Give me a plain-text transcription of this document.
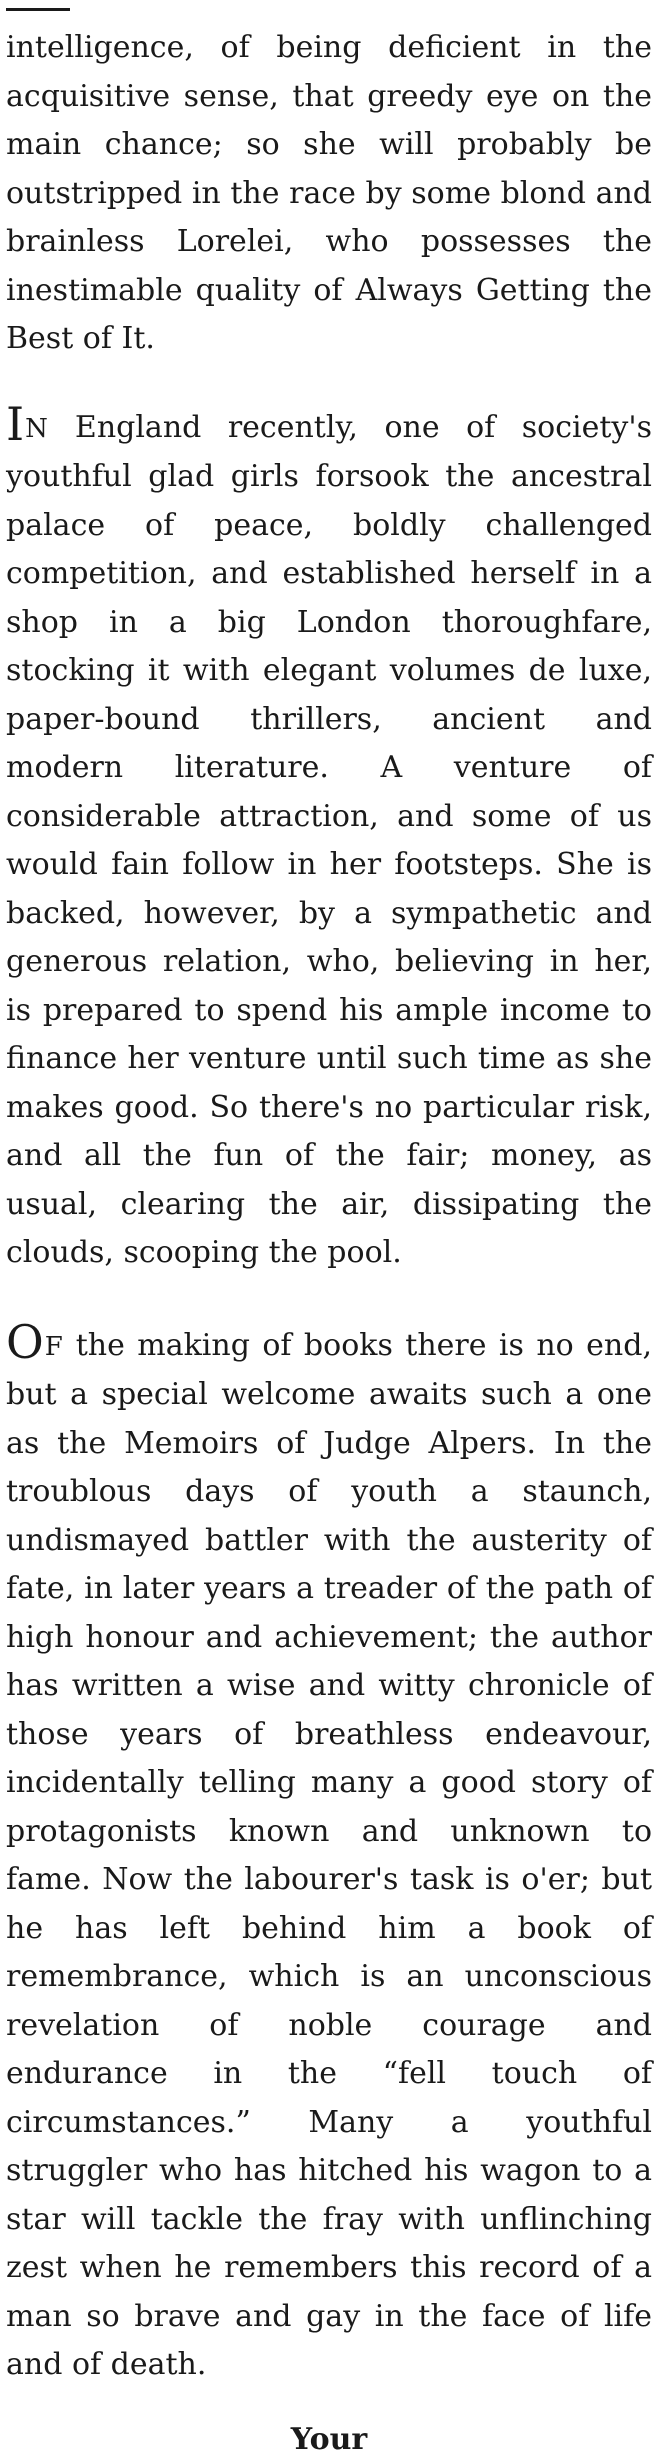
intelligence, of being deficient in the acquisitive sense, that greedy eye on the main chance; so she will probably be outstripped in the race by some blond and brainless Lorelei, who possesses the inestimable quality of Always Getting the Best of It.

IN England recently, one of society's youthful glad girls forsook the ancestral palace of peace, boldly challenged competition, and established herself in a shop in a big London thoroughfare, stocking it with elegant volumes de luxe, paper-bound thrillers, ancient and modern literature. A venture of considerable attraction, and some of us would fain follow in her footsteps. She is backed, however, by a sympathetic and generous relation, who, believing in her, is prepared to spend his ample income to finance her venture until such time as she makes good. So there's no particular risk, and all the fun of the fair; money, as usual, clearing the air, dissipating the clouds, scooping the pool.

OF the making of books there is no end, but a special welcome awaits such a one as the Memoirs of Judge Alpers. In the troublous days of youth a staunch, undismayed battler with the austerity of fate, in later years a treader of the path of high honour and achievement; the author has written a wise and witty chronicle of those years of breathless endeavour, incidentally telling many a good story of protagonists known and unknown to fame. Now the labourer's task is o'er; but he has left behind him a book of remembrance, which is an unconscious revelation of noble courage and endurance in the “fell touch of circumstances.” Many a youthful struggler who has hitched his wagon to a star will tackle the fray with unflinching zest when he remembers this record of a man so brave and gay in the face of life and of death.

Your
